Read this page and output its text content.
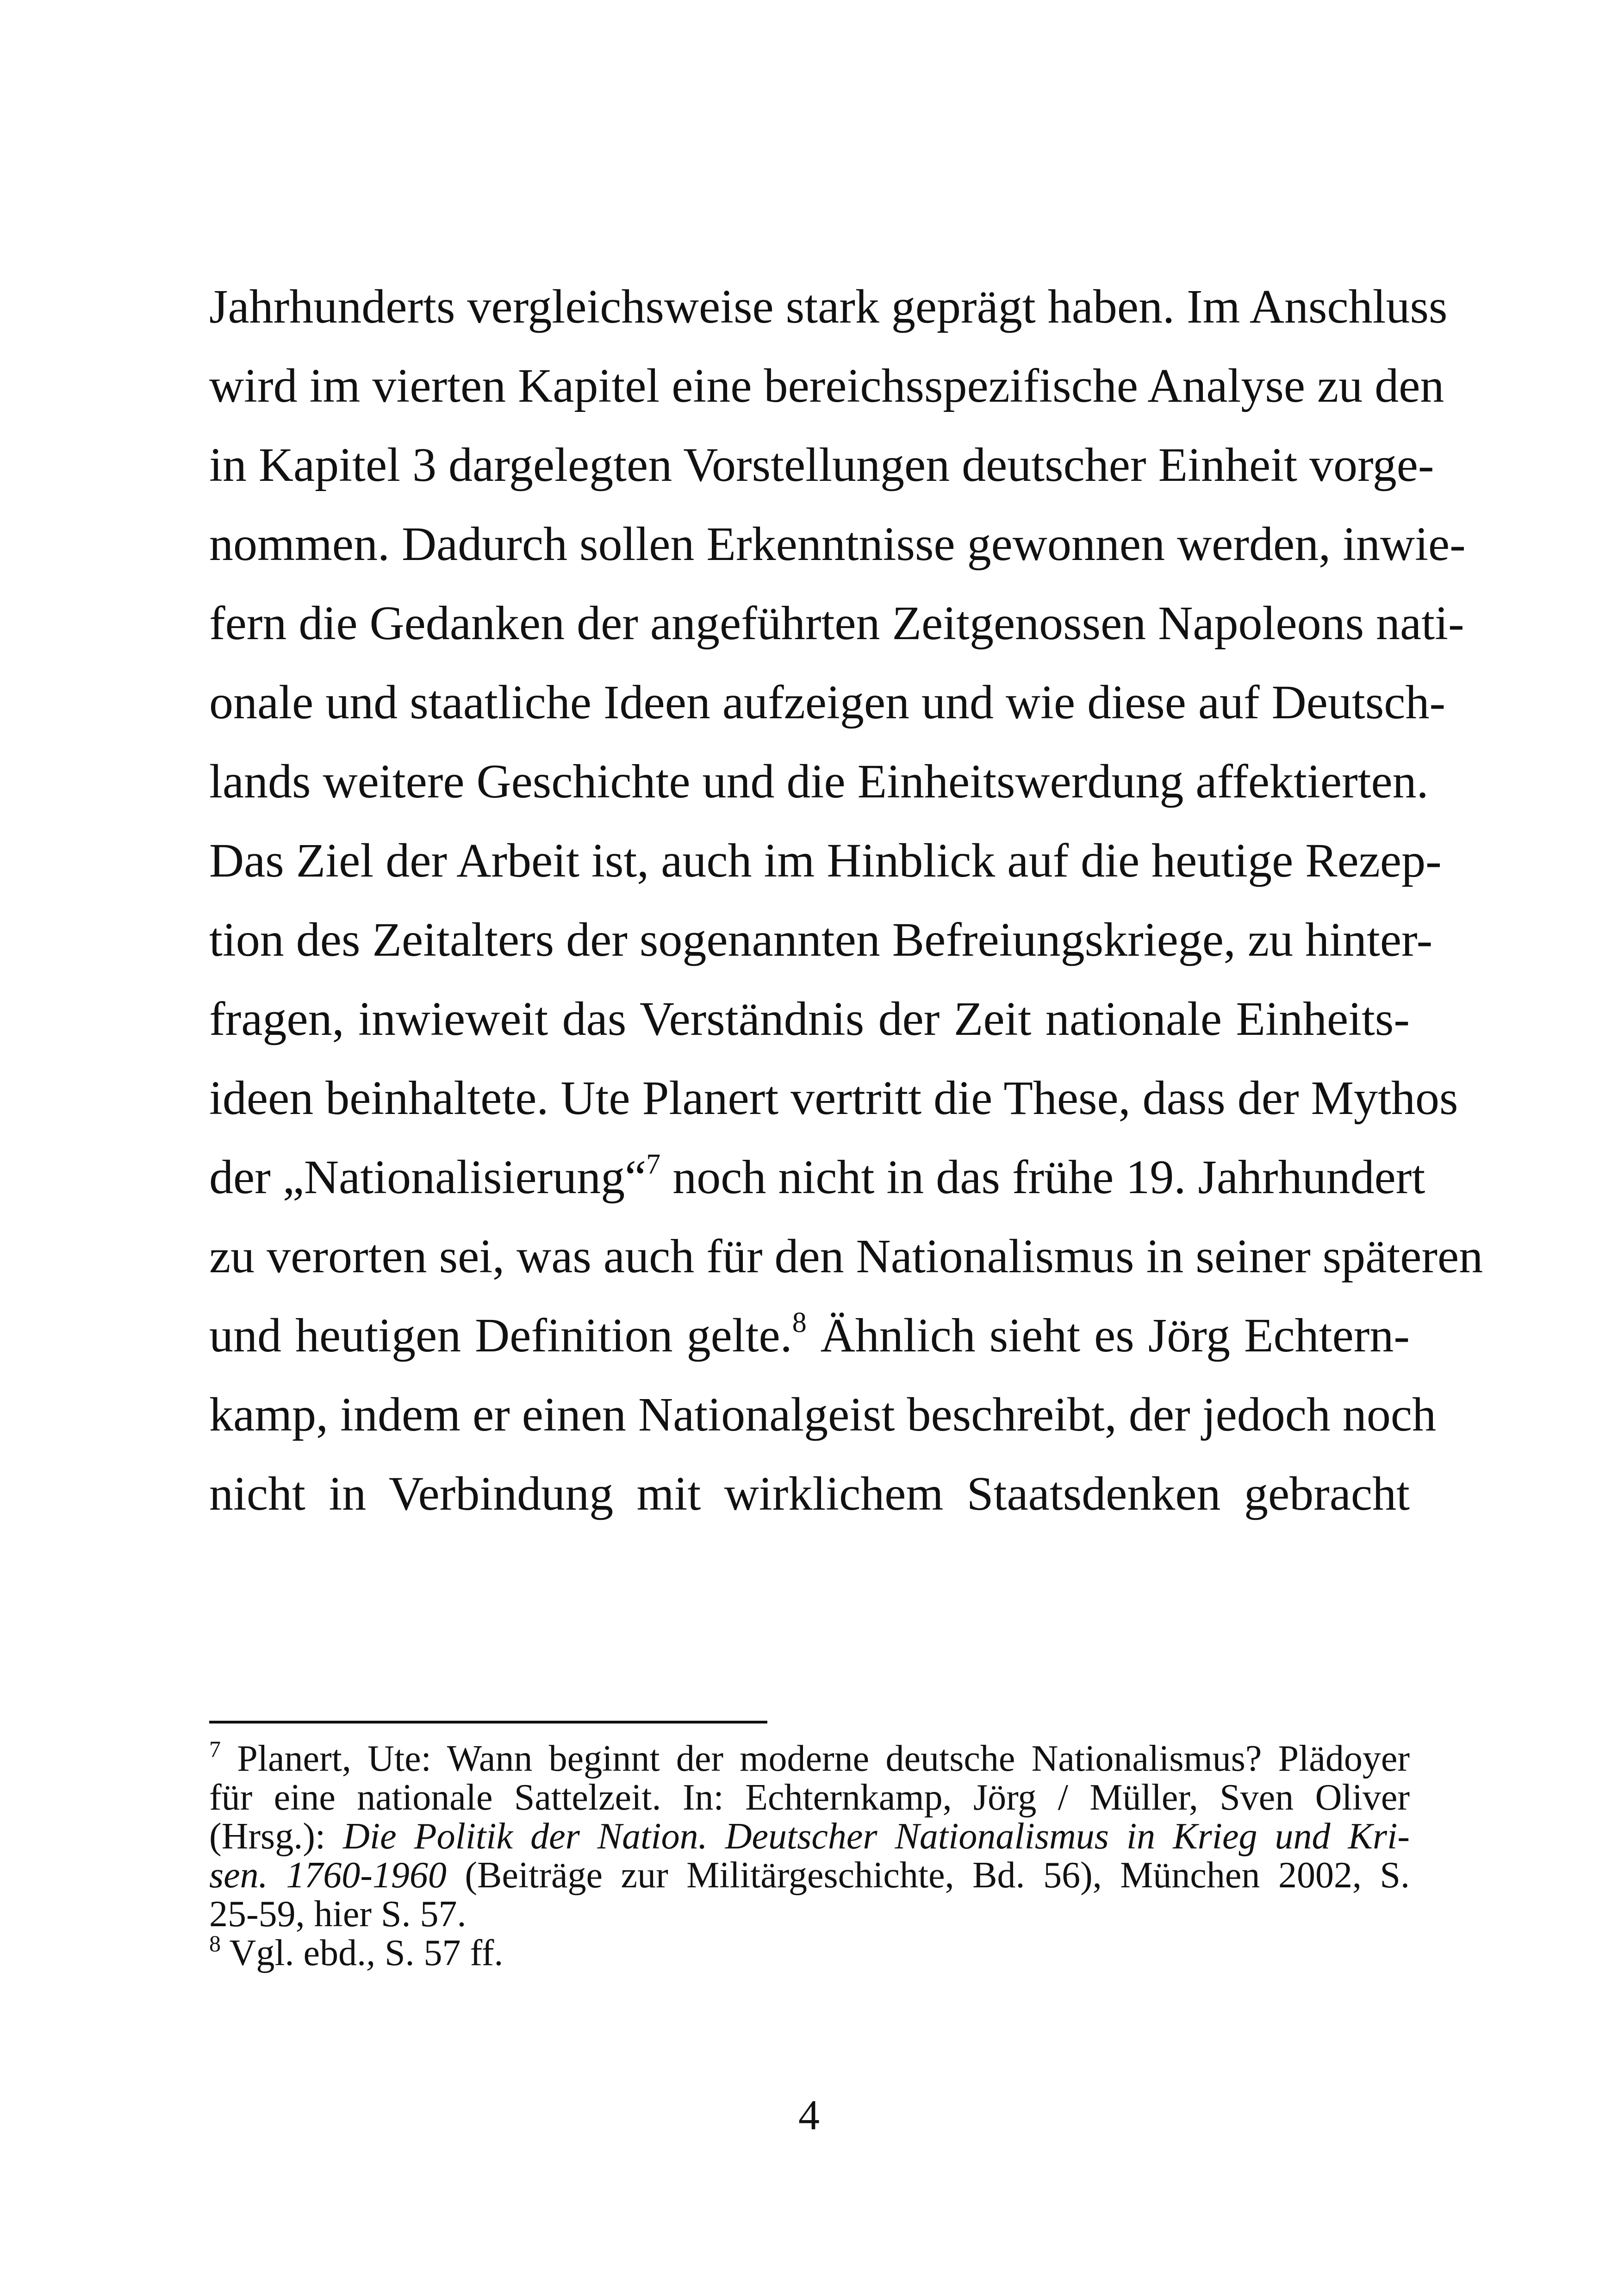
Jahrhunderts vergleichsweise stark geprägt haben. Im Anschluss
wird im vierten Kapitel eine bereichsspezifische Analyse zu den
in Kapitel 3 dargelegten Vorstellungen deutscher Einheit vorge-
nommen. Dadurch sollen Erkenntnisse gewonnen werden, inwie-
fern die Gedanken der angeführten Zeitgenossen Napoleons nati-
onale und staatliche Ideen aufzeigen und wie diese auf Deutsch-
lands weitere Geschichte und die Einheitswerdung affektierten.
Das Ziel der Arbeit ist, auch im Hinblick auf die heutige Rezep-
tion des Zeitalters der sogenannten Befreiungskriege, zu hinter-
fragen, inwieweit das Verständnis der Zeit nationale Einheits-
ideen beinhaltete. Ute Planert vertritt die These, dass der Mythos
der „Nationalisierung“$^7$ noch nicht in das frühe 19. Jahrhundert
zu verorten sei, was auch für den Nationalismus in seiner späteren
und heutigen Definition gelte.$^8$ Ähnlich sieht es Jörg Echtern-
kamp, indem er einen Nationalgeist beschreibt, der jedoch noch
nicht in Verbindung mit wirklichem Staatsdenken gebracht
$^7$ Planert, Ute: Wann beginnt der moderne deutsche Nationalismus? Plädoyer
für eine nationale Sattelzeit. In: Echternkamp, Jörg / Müller, Sven Oliver
(Hrsg.): Die Politik der Nation. Deutscher Nationalismus in Krieg und Kri-
sen. 1760-1960 (Beiträge zur Militärgeschichte, Bd. 56), München 2002, S.
25-59, hier S. 57.
$^8$ Vgl. ebd., S. 57 ff.
4
